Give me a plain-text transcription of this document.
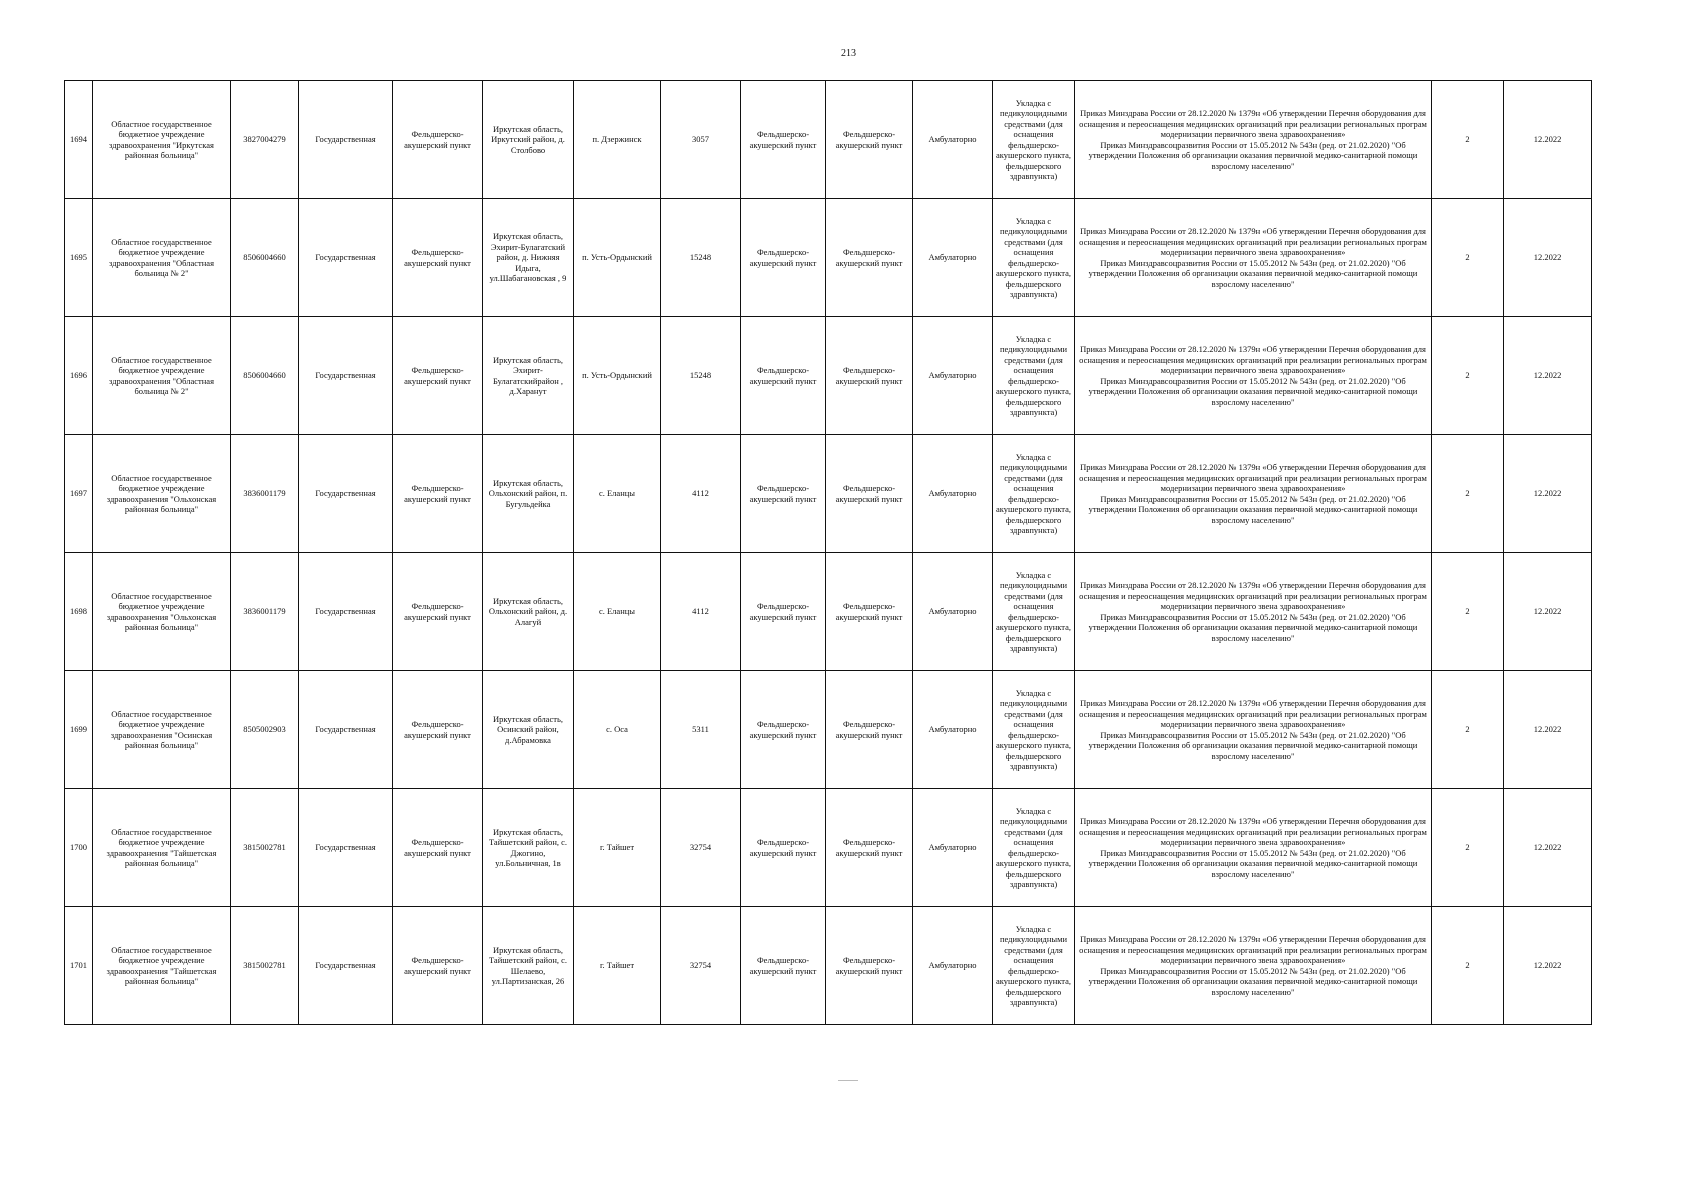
213
1694	Областное государственное бюджетное учреждение здравоохранения "Иркутская районная больница"	3827004279	Государственная	Фельдшерско-акушерский пункт	Иркутская область, Иркутский район, д. Столбово	п. Дзержинск	3057	Фельдшерско-акушерский пункт	Фельдшерско-акушерский пункт	Амбулаторно	Укладка с педикулоцидными средствами (для оснащения фельдшерско-акушерского пункта, фельдшерского здравпункта)	Приказ Минздрава России от 28.12.2020 № 1379н «Об утверждении Перечня оборудования для оснащения и переоснащения медицинских организаций при реализации региональных програм модернизации первичного звена здравоохранения»
Приказ Минздравсоцразвития России от 15.05.2012 № 543н (ред. от 21.02.2020) "Об утверждении Положения об организации оказания первичной медико-санитарной помощи взрослому населению"	2	12.2022
1695	Областное государственное бюджетное учреждение здравоохранения "Областная больница № 2"	8506004660	Государственная	Фельдшерско-акушерский пункт	Иркутская область, Эхирит-Булагатский район, д. Нижняя Идыга, ул.Шабагановская , 9	п. Усть-Ордынский	15248	Фельдшерско-акушерский пункт	Фельдшерско-акушерский пункт	Амбулаторно	Укладка с педикулоцидными средствами (для оснащения фельдшерско-акушерского пункта, фельдшерского здравпункта)	Приказ Минздрава России от 28.12.2020 № 1379н «Об утверждении Перечня оборудования для оснащения и переоснащения медицинских организаций при реализации региональных програм модернизации первичного звена здравоохранения»
Приказ Минздравсоцразвития России от 15.05.2012 № 543н (ред. от 21.02.2020) "Об утверждении Положения об организации оказания первичной медико-санитарной помощи взрослому населению"	2	12.2022
1696	Областное государственное бюджетное учреждение здравоохранения "Областная больница № 2"	8506004660	Государственная	Фельдшерско-акушерский пункт	Иркутская область, Эхирит-Булагатскийрайон , д.Харанут	п. Усть-Ордынский	15248	Фельдшерско-акушерский пункт	Фельдшерско-акушерский пункт	Амбулаторно	Укладка с педикулоцидными средствами (для оснащения фельдшерско-акушерского пункта, фельдшерского здравпункта)	Приказ Минздрава России от 28.12.2020 № 1379н «Об утверждении Перечня оборудования для оснащения и переоснащения медицинских организаций при реализации региональных програм модернизации первичного звена здравоохранения»
Приказ Минздравсоцразвития России от 15.05.2012 № 543н (ред. от 21.02.2020) "Об утверждении Положения об организации оказания первичной медико-санитарной помощи взрослому населению"	2	12.2022
1697	Областное государственное бюджетное учреждение здравоохранения "Ольхонская районная больница"	3836001179	Государственная	Фельдшерско-акушерский пункт	Иркутская область, Ольхонский район, п. Бугульдейка	с. Еланцы	4112	Фельдшерско-акушерский пункт	Фельдшерско-акушерский пункт	Амбулаторно	Укладка с педикулоцидными средствами (для оснащения фельдшерско-акушерского пункта, фельдшерского здравпункта)	Приказ Минздрава России от 28.12.2020 № 1379н «Об утверждении Перечня оборудования для оснащения и переоснащения медицинских организаций при реализации региональных програм модернизации первичного звена здравоохранения»
Приказ Минздравсоцразвития России от 15.05.2012 № 543н (ред. от 21.02.2020) "Об утверждении Положения об организации оказания первичной медико-санитарной помощи взрослому населению"	2	12.2022
1698	Областное государственное бюджетное учреждение здравоохранения "Ольхонская районная больница"	3836001179	Государственная	Фельдшерско-акушерский пункт	Иркутская область, Ольхонский район, д. Алагуй	с. Еланцы	4112	Фельдшерско-акушерский пункт	Фельдшерско-акушерский пункт	Амбулаторно	Укладка с педикулоцидными средствами (для оснащения фельдшерско-акушерского пункта, фельдшерского здравпункта)	Приказ Минздрава России от 28.12.2020 № 1379н «Об утверждении Перечня оборудования для оснащения и переоснащения медицинских организаций при реализации региональных програм модернизации первичного звена здравоохранения»
Приказ Минздравсоцразвития России от 15.05.2012 № 543н (ред. от 21.02.2020) "Об утверждении Положения об организации оказания первичной медико-санитарной помощи взрослому населению"	2	12.2022
1699	Областное государственное бюджетное учреждение здравоохранения "Осинская районная больница"	8505002903	Государственная	Фельдшерско-акушерский пункт	Иркутская область, Осинский район, д.Абрамовка	с. Оса	5311	Фельдшерско-акушерский пункт	Фельдшерско-акушерский пункт	Амбулаторно	Укладка с педикулоцидными средствами (для оснащения фельдшерско-акушерского пункта, фельдшерского здравпункта)	Приказ Минздрава России от 28.12.2020 № 1379н «Об утверждении Перечня оборудования для оснащения и переоснащения медицинских организаций при реализации региональных програм модернизации первичного звена здравоохранения»
Приказ Минздравсоцразвития России от 15.05.2012 № 543н (ред. от 21.02.2020) "Об утверждении Положения об организации оказания первичной медико-санитарной помощи взрослому населению"	2	12.2022
1700	Областное государственное бюджетное учреждение здравоохранения "Тайшетская районная больница"	3815002781	Государственная	Фельдшерско-акушерский пункт	Иркутская область, Тайшетский район, с. Джогино, ул.Больничная, 1в	г. Тайшет	32754	Фельдшерско-акушерский пункт	Фельдшерско-акушерский пункт	Амбулаторно	Укладка с педикулоцидными средствами (для оснащения фельдшерско-акушерского пункта, фельдшерского здравпункта)	Приказ Минздрава России от 28.12.2020 № 1379н «Об утверждении Перечня оборудования для оснащения и переоснащения медицинских организаций при реализации региональных програм модернизации первичного звена здравоохранения»
Приказ Минздравсоцразвития России от 15.05.2012 № 543н (ред. от 21.02.2020) "Об утверждении Положения об организации оказания первичной медико-санитарной помощи взрослому населению"	2	12.2022
1701	Областное государственное бюджетное учреждение здравоохранения "Тайшетская районная больница"	3815002781	Государственная	Фельдшерско-акушерский пункт	Иркутская область, Тайшетский район, с. Шелаево, ул.Партизанская, 26	г. Тайшет	32754	Фельдшерско-акушерский пункт	Фельдшерско-акушерский пункт	Амбулаторно	Укладка с педикулоцидными средствами (для оснащения фельдшерско-акушерского пункта, фельдшерского здравпункта)	Приказ Минздрава России от 28.12.2020 № 1379н «Об утверждении Перечня оборудования для оснащения и переоснащения медицинских организаций при реализации региональных програм модернизации первичного звена здравоохранения»
Приказ Минздравсоцразвития России от 15.05.2012 № 543н (ред. от 21.02.2020) "Об утверждении Положения об организации оказания первичной медико-санитарной помощи взрослому населению"	2	12.2022
